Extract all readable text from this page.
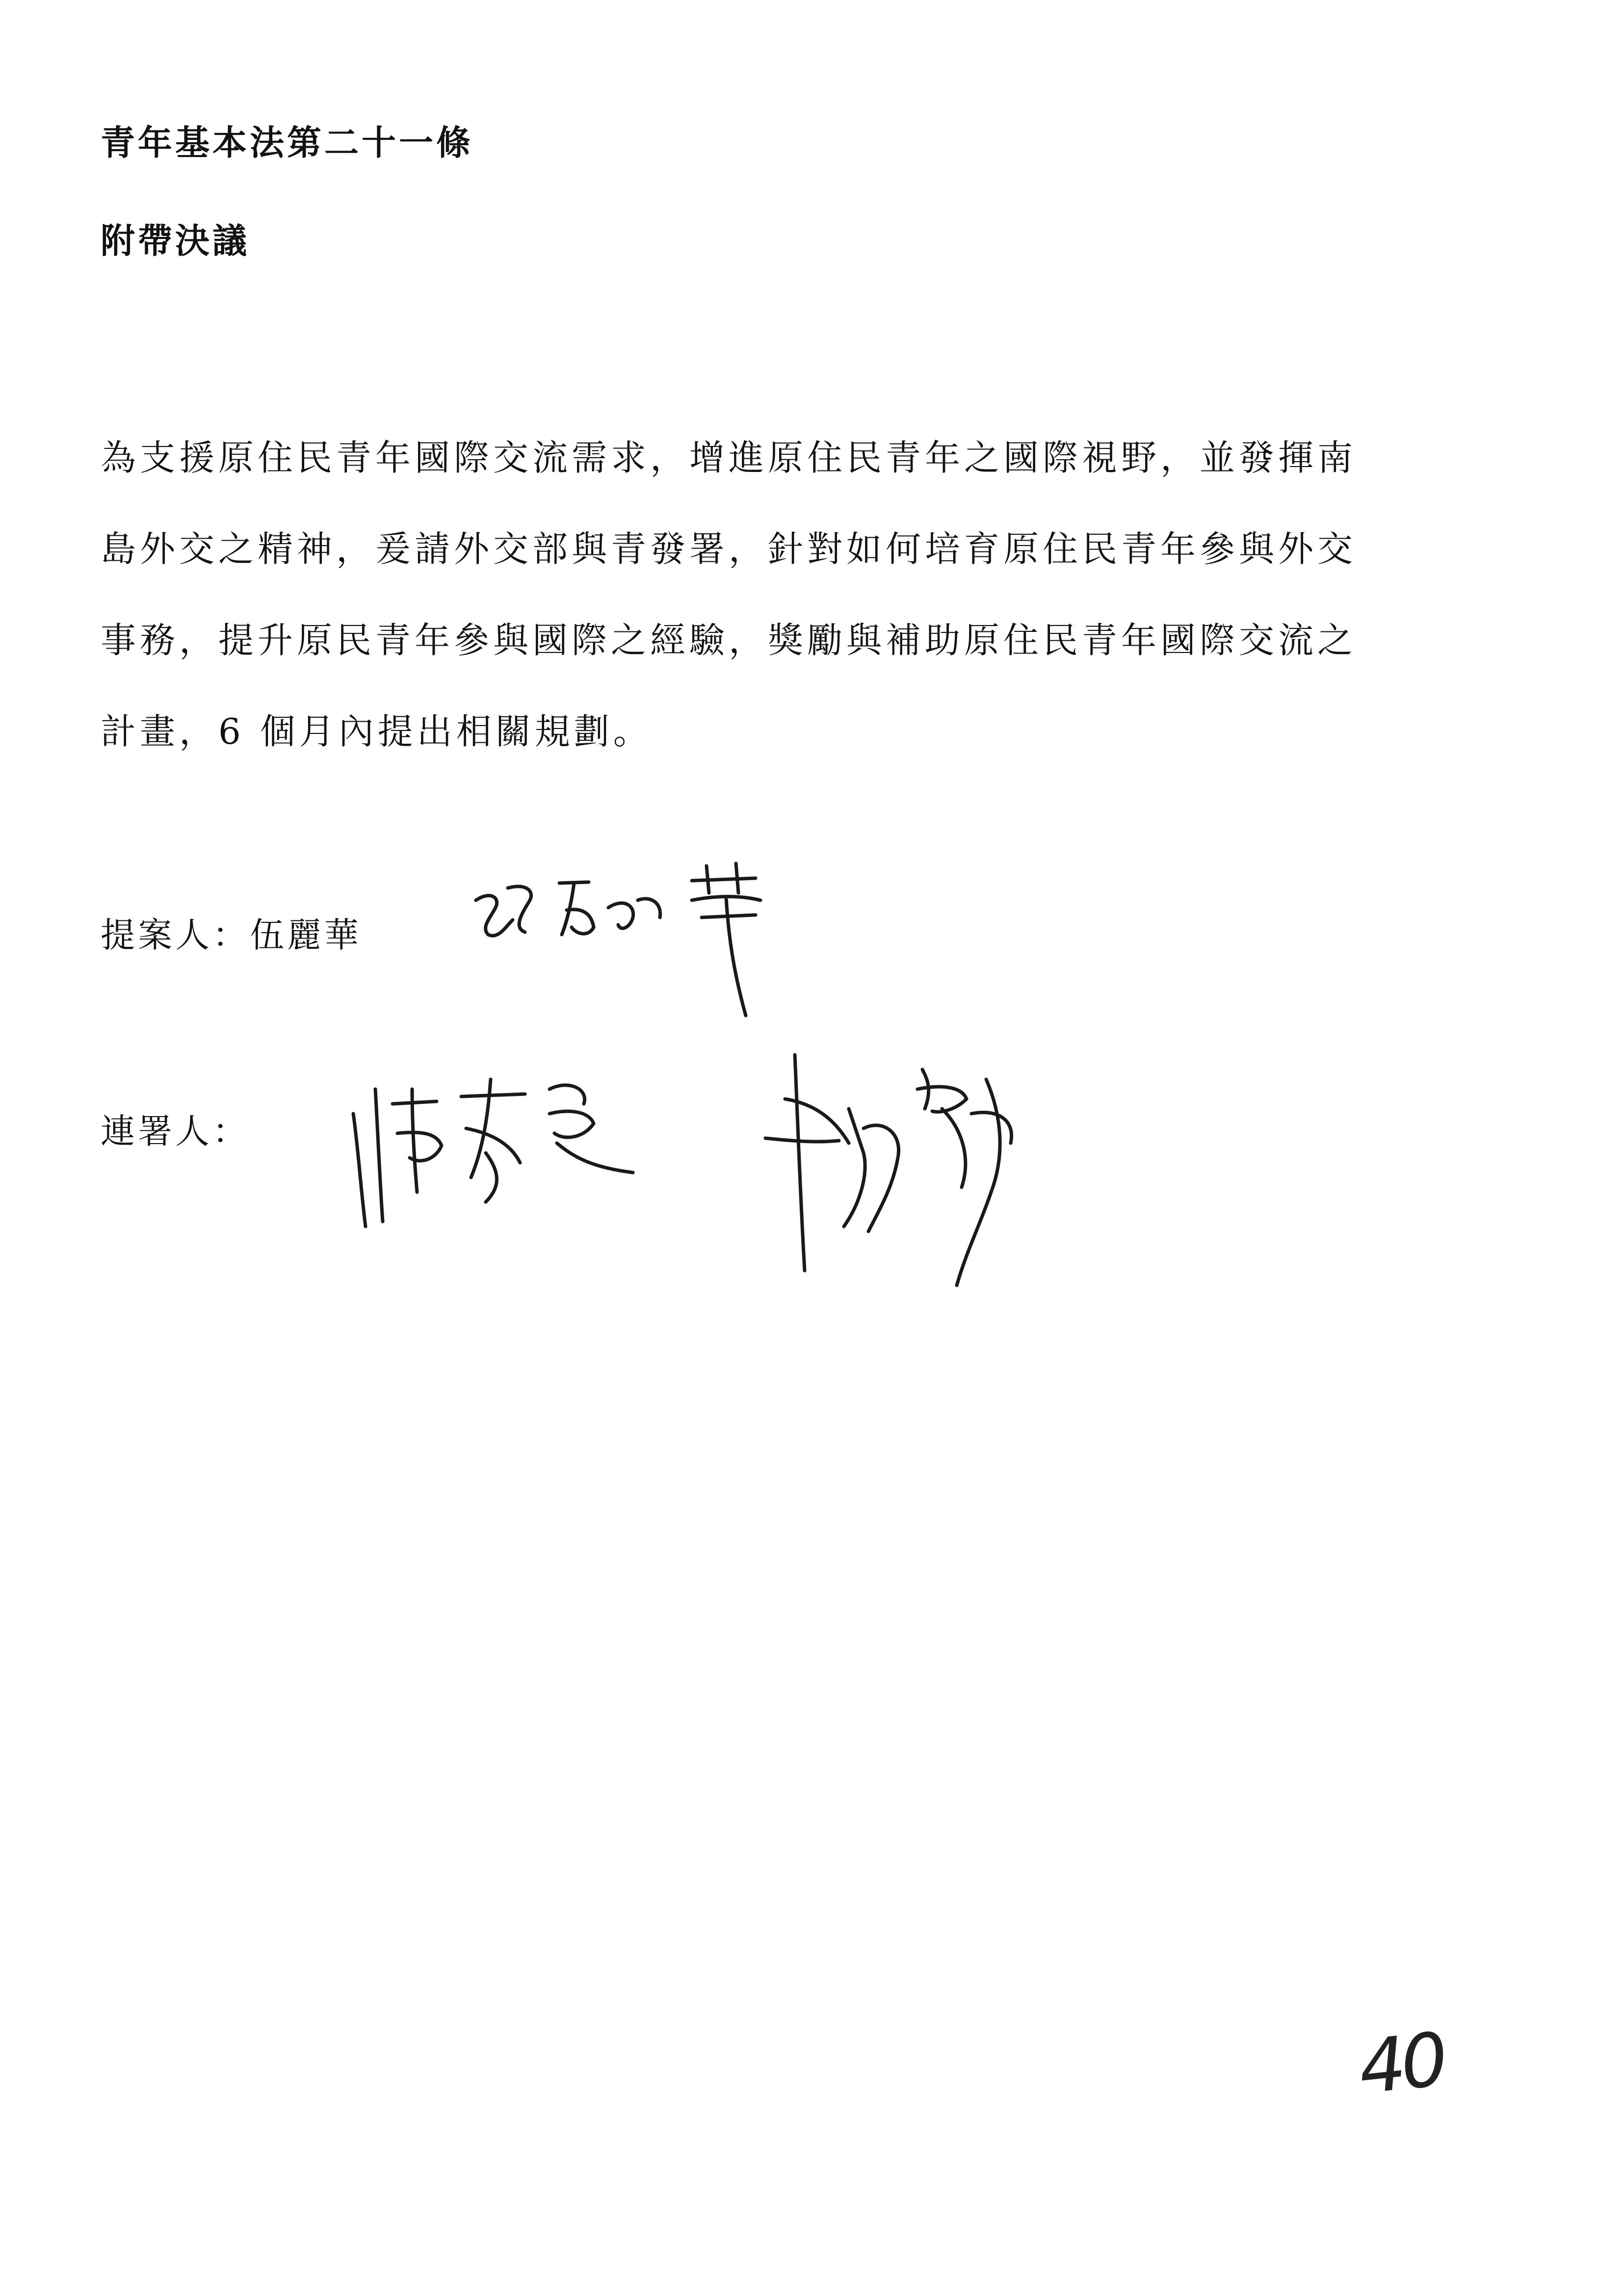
青年基本法第二十一條
附帶決議
為支援原住民青年國際交流需求，增進原住民青年之國際視野，並發揮南
島外交之精神，爰請外交部與青發署，針對如何培育原住民青年參與外交
事務，提升原民青年參與國際之經驗，獎勵與補助原住民青年國際交流之
計畫，6 個月內提出相關規劃。
提案人：伍麗華
連署人：
40
